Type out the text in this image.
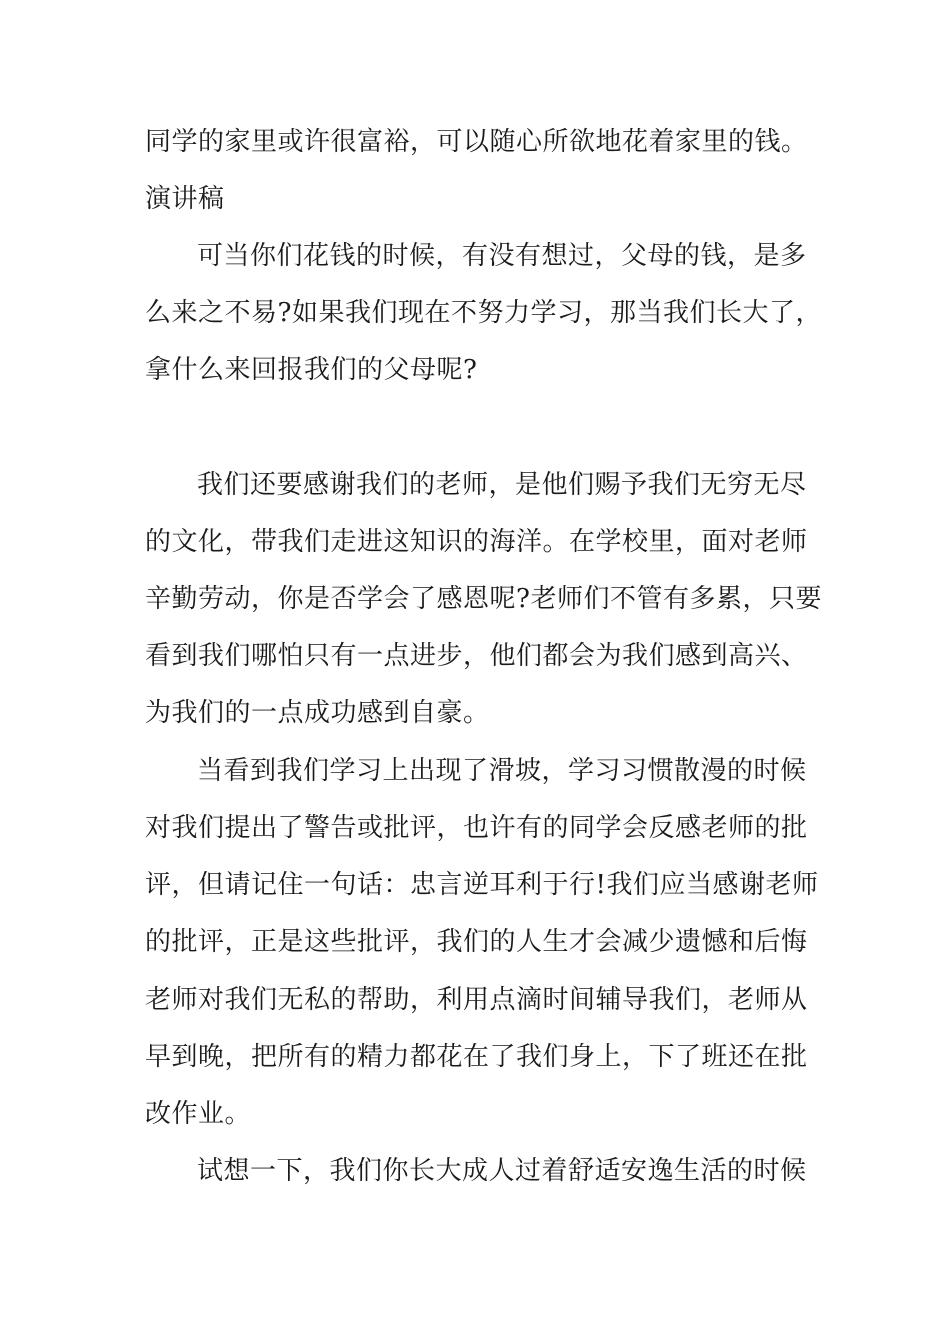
同学的家里或许很富裕，可以随心所欲地花着家里的钱。
演讲稿
可当你们花钱的时候，有没有想过，父母的钱，是多
么来之不易?如果我们现在不努力学习，那当我们长大了，
拿什么来回报我们的父母呢?
我们还要感谢我们的老师，是他们赐予我们无穷无尽
的文化，带我们走进这知识的海洋。在学校里，面对老师
辛勤劳动，你是否学会了感恩呢?老师们不管有多累，只要
看到我们哪怕只有一点进步，他们都会为我们感到高兴、
为我们的一点成功感到自豪。
当看到我们学习上出现了滑坡，学习习惯散漫的时候
对我们提出了警告或批评，也许有的同学会反感老师的批
评，但请记住一句话：忠言逆耳利于行!我们应当感谢老师
的批评，正是这些批评，我们的人生才会减少遗憾和后悔
老师对我们无私的帮助，利用点滴时间辅导我们，老师从
早到晚，把所有的精力都花在了我们身上，下了班还在批
改作业。
试想一下，我们你长大成人过着舒适安逸生活的时候
